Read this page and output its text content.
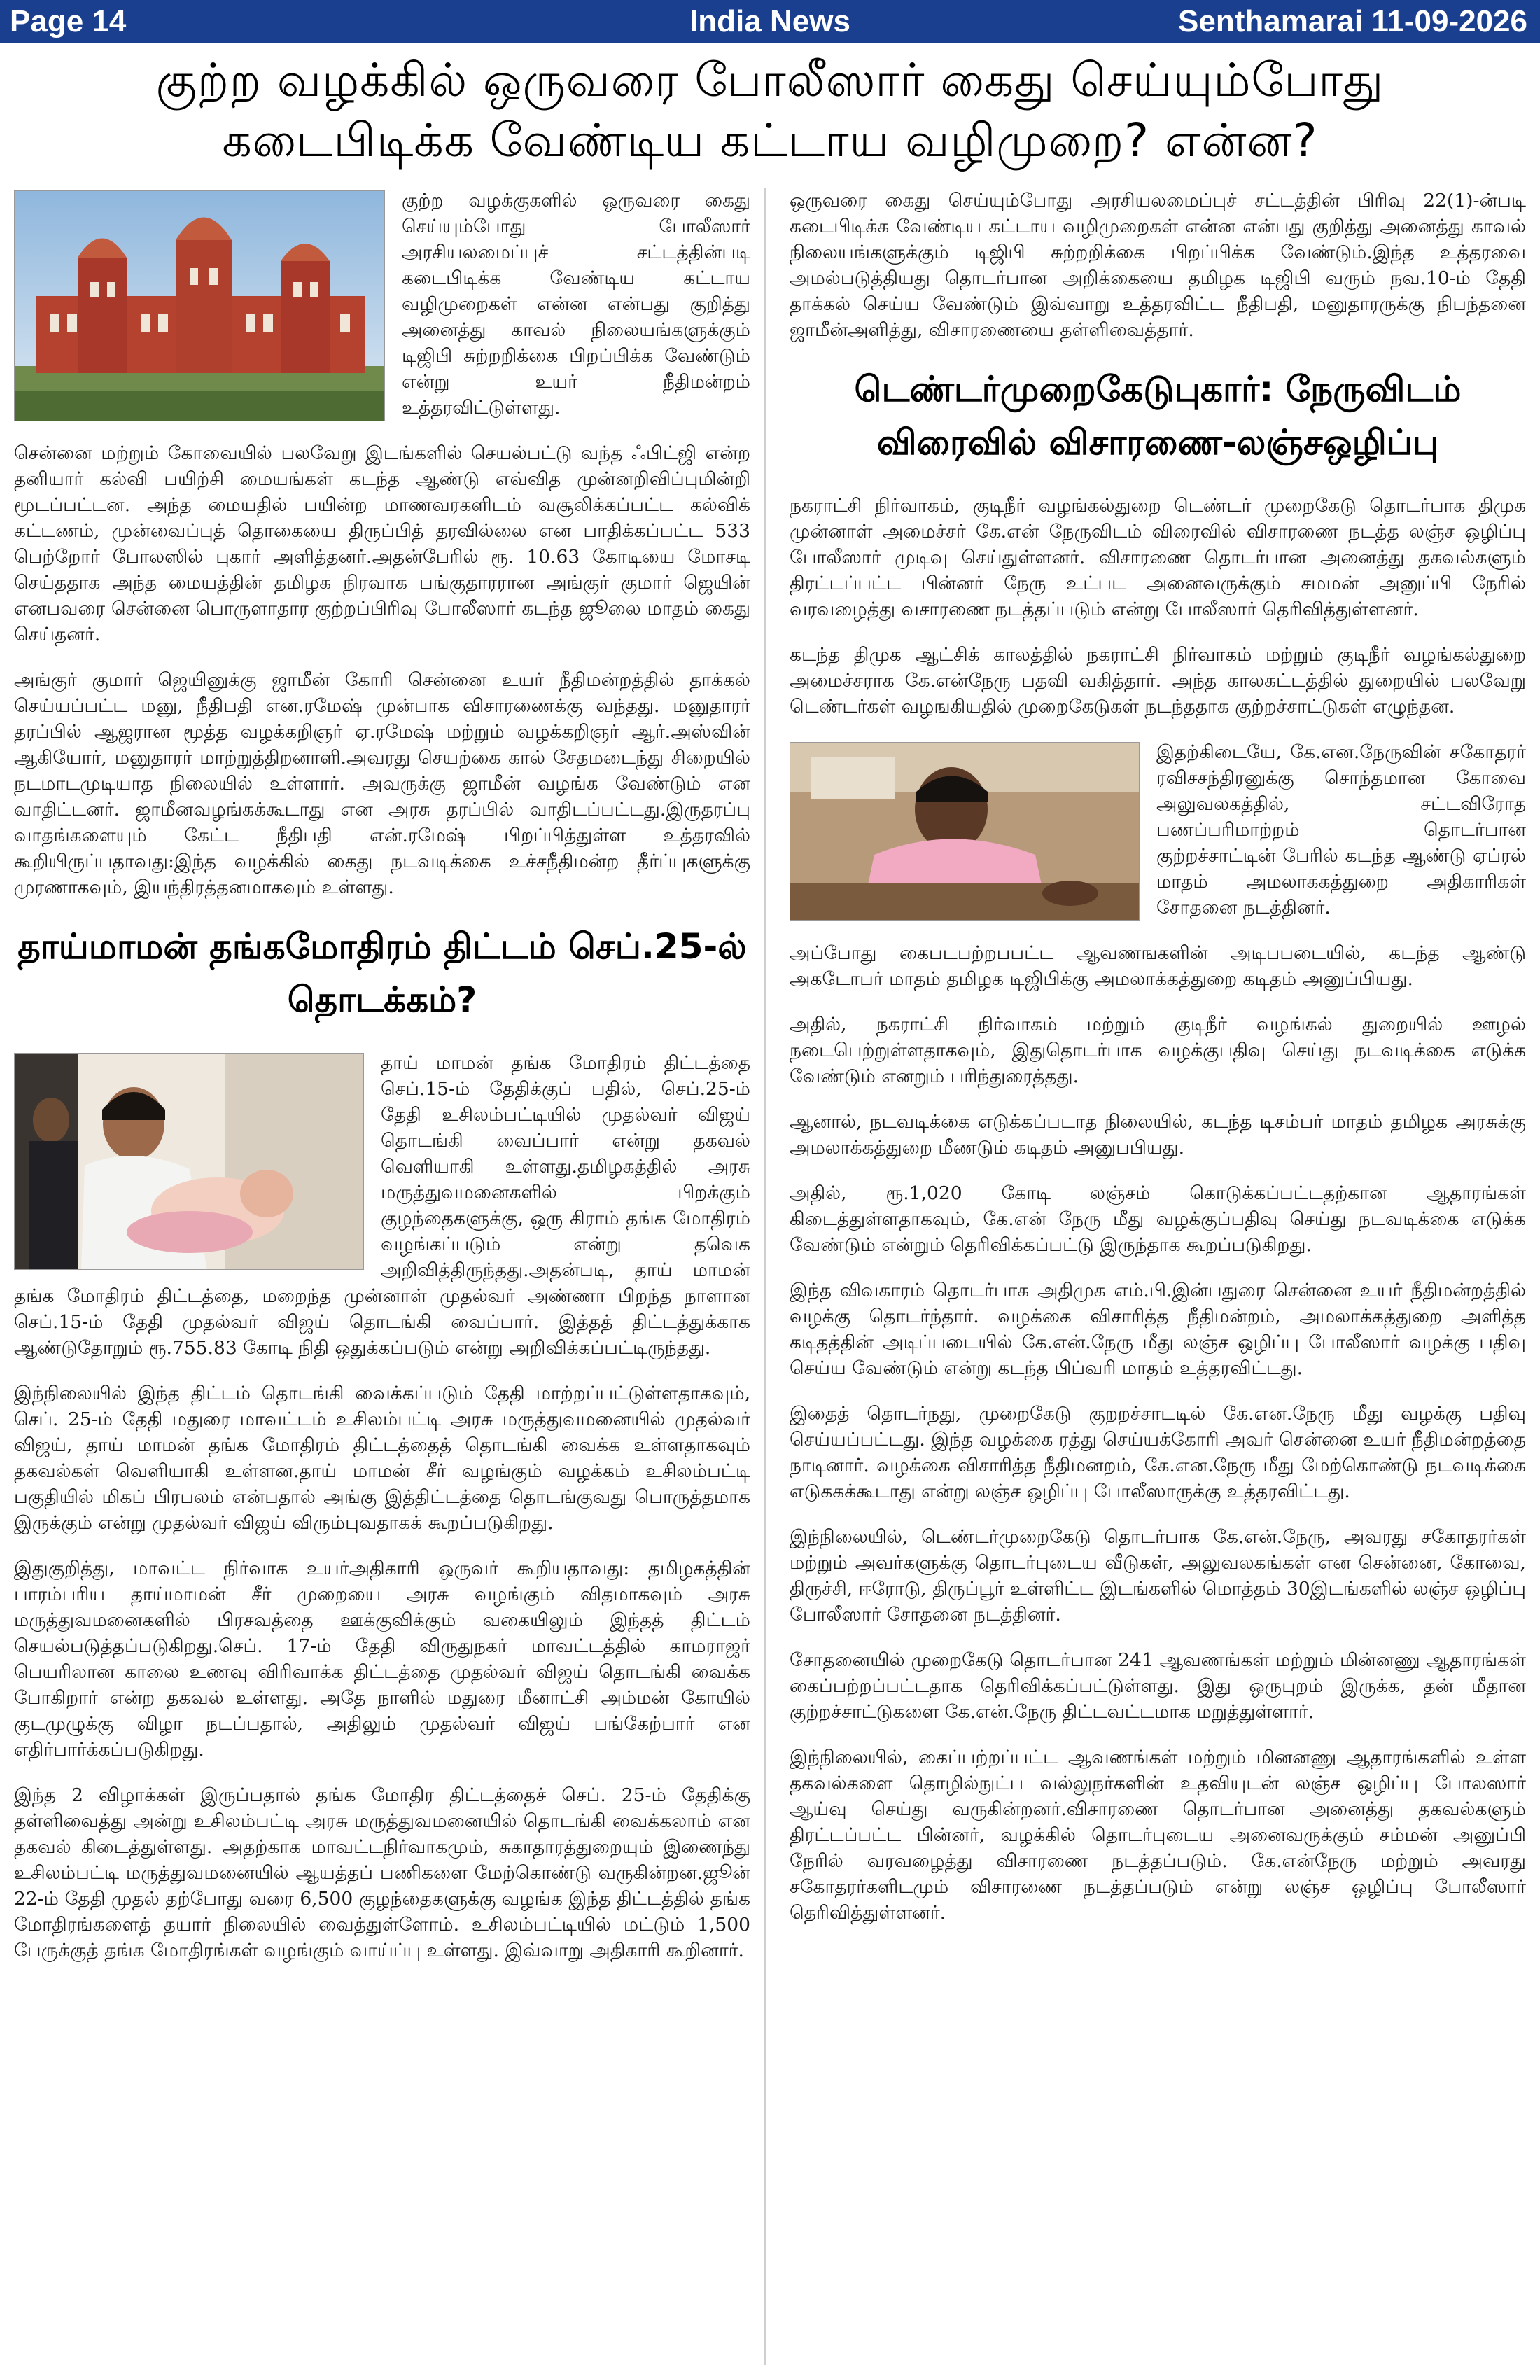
India News
Page 14	Senthamarai 11-09-2026
குற்ற வழக்கில் ஒருவரை போலீஸார் கைது செய்யும்போது
கடைபிடிக்க வேண்டிய கட்டாய வழிமுறை? என்ன?

குற்ற வழக்குகளில் ஒருவரை கைது செய்யும்போது போலீஸார் அரசியலமைப்புச் சட்டத்தின்படி கடைபிடிக்க வேண்டிய கட்டாய வழிமுறைகள் என்ன என்பது குறித்து அனைத்து காவல் நிலையங்களுக்கும் டிஜிபி சுற்றறிக்கை பிறப்பிக்க வேண்டும் என்று உயர் நீதிமன்றம் உத்தரவிட்டுள்ளது.

சென்னை மற்றும் கோவையில் பலவேறு இடங்களில் செயல்பட்டு வந்த ஃபிட்ஜி என்ற தனியார் கல்வி பயிற்சி மையங்கள் கடந்த ஆண்டு எவ்வித முன்னறிவிப்புமின்றி மூடப்பட்டன. அந்த மையதில் பயின்ற மாணவரகளிடம் வசூலிக்கப்பட்ட கல்விக் கட்டணம், முன்வைப்புத் தொகையை திருப்பித் தரவில்லை என பாதிக்கப்பட்ட 533 பெற்றோர் போலஸில் புகார் அளித்தனர்.அதன்பேரில் ரூ. 10.63 கோடியை மோசடி செய்ததாக அந்த மையத்தின் தமிழக நிரவாக பங்குதாரரான அங்குர் குமார் ஜெயின் எனபவரை சென்னை பொருளாதார குற்றப்பிரிவு போலீஸார் கடந்த ஜூலை மாதம் கைது செய்தனர்.

அங்குர் குமார் ஜெயினுக்கு ஜாமீன் கோரி சென்னை உயர் நீதிமன்றத்தில் தாக்கல் செய்யப்பட்ட மனு, நீதிபதி என.ரமேஷ் முன்பாக விசாரணைக்கு வந்தது. மனுதாரர் தரப்பில் ஆஜரான மூத்த வழக்கறிஞர் ஏ.ரமேஷ் மற்றும் வழக்கறிஞர் ஆர்.அஸ்வின் ஆகியோர், மனுதாரர் மாற்றுத்திறனாளி.அவரது செயற்கை கால் சேதமடைந்து சிறையில் நடமாடமுடியாத நிலையில் உள்ளார். அவருக்கு ஜாமீன் வழங்க வேண்டும் என வாதிட்டனர். ஜாமீனவழங்கக்கூடாது என அரசு தரப்பில் வாதிடப்பட்டது.இருதரப்பு வாதங்களையும் கேட்ட நீதிபதி என்.ரமேஷ் பிறப்பித்துள்ள உத்தரவில் கூறியிருப்பதாவது:இந்த வழக்கில் கைது நடவடிக்கை உச்சநீதிமன்ற தீர்ப்புகளுக்கு முரணாகவும், இயந்திரத்தனமாகவும் உள்ளது.

தாய்மாமன் தங்கமோதிரம் திட்டம் செப்.25-ல் தொடக்கம்?

தாய் மாமன் தங்க மோதிரம் திட்டத்தை செப்.15-ம் தேதிக்குப் பதில், செப்.25-ம் தேதி உசிலம்பட்டியில் முதல்வர் விஜய் தொடங்கி வைப்பார் என்று தகவல் வெளியாகி உள்ளது.தமிழகத்தில் அரசு மருத்துவமனைகளில் பிறக்கும் குழந்தைகளுக்கு, ஒரு கிராம் தங்க மோதிரம் வழங்கப்படும் என்று தவெக அறிவித்திருந்தது.அதன்படி, தாய் மாமன் தங்க மோதிரம் திட்டத்தை, மறைந்த முன்னாள் முதல்வர் அண்ணா பிறந்த நாளான செப்.15-ம் தேதி முதல்வர் விஜய் தொடங்கி வைப்பார். இத்தத் திட்டத்துக்காக ஆண்டுதோறும் ரூ.755.83 கோடி நிதி ஒதுக்கப்படும் என்று அறிவிக்கப்பட்டிருந்தது.

இந்நிலையில் இந்த திட்டம் தொடங்கி வைக்கப்படும் தேதி மாற்றப்பட்டுள்ளதாகவும், செப். 25-ம் தேதி மதுரை மாவட்டம் உசிலம்பட்டி அரசு மருத்துவமனையில் முதல்வர் விஜய், தாய் மாமன் தங்க மோதிரம் திட்டத்தைத் தொடங்கி வைக்க உள்ளதாகவும் தகவல்கள் வெளியாகி உள்ளன.தாய் மாமன் சீர் வழங்கும் வழக்கம் உசிலம்பட்டி பகுதியில் மிகப் பிரபலம் என்பதால் அங்கு இத்திட்டத்தை தொடங்குவது பொருத்தமாக இருக்கும் என்று முதல்வர் விஜய் விரும்புவதாகக் கூறப்படுகிறது.

இதுகுறித்து, மாவட்ட நிர்வாக உயர்அதிகாரி ஒருவர் கூறியதாவது: தமிழகத்தின் பாரம்பரிய தாய்மாமன் சீர் முறையை அரசு வழங்கும் விதமாகவும் அரசு மருத்துவமனைகளில் பிரசவத்தை ஊக்குவிக்கும் வகையிலும் இந்தத் திட்டம் செயல்படுத்தப்படுகிறது.செப். 17-ம் தேதி விருதுநகர் மாவட்டத்தில் காமராஜர் பெயரிலான காலை உணவு விரிவாக்க திட்டத்தை முதல்வர் விஜய் தொடங்கி வைக்க போகிறார் என்ற தகவல் உள்ளது. அதே நாளில் மதுரை மீனாட்சி அம்மன் கோயில் குடமுழுக்கு விழா நடப்பதால், அதிலும் முதல்வர் விஜய் பங்கேற்பார் என எதிர்பார்க்கப்படுகிறது.

இந்த 2 விழாக்கள் இருப்பதால் தங்க மோதிர திட்டத்தைச் செப். 25-ம் தேதிக்கு தள்ளிவைத்து அன்று உசிலம்பட்டி அரசு மருத்துவமனையில் தொடங்கி வைக்கலாம் என தகவல் கிடைத்துள்ளது. அதற்காக மாவட்டநிர்வாகமும், சுகாதாரத்துறையும் இணைந்து உசிலம்பட்டி மருத்துவமனையில் ஆயத்தப் பணிகளை மேற்கொண்டு வருகின்றன.ஜூன் 22-ம் தேதி முதல் தற்போது வரை 6,500 குழந்தைகளுக்கு வழங்க இந்த திட்டத்தில் தங்க மோதிரங்களைத் தயார் நிலையில் வைத்துள்ளோம். உசிலம்பட்டியில் மட்டும் 1,500 பேருக்குத் தங்க மோதிரங்கள் வழங்கும் வாய்ப்பு உள்ளது. இவ்வாறு அதிகாரி கூறினார்.

ஒருவரை கைது செய்யும்போது அரசியலமைப்புச் சட்டத்தின் பிரிவு 22(1)-ன்படி கடைபிடிக்க வேண்டிய கட்டாய வழிமுறைகள் என்ன என்பது குறித்து அனைத்து காவல் நிலையங்களுக்கும் டிஜிபி சுற்றறிக்கை பிறப்பிக்க வேண்டும்.இந்த உத்தரவை அமல்படுத்தியது தொடர்பான அறிக்கையை தமிழக டிஜிபி வரும் நவ.10-ம் தேதி தாக்கல் செய்ய வேண்டும் இவ்வாறு உத்தரவிட்ட நீதிபதி, மனுதாரருக்கு நிபந்தனை ஜாமீன்அளித்து, விசாரணையை தள்ளிவைத்தார்.

டெண்டர்முறைகேடுபுகார்: நேருவிடம் விரைவில் விசாரணை-லஞ்சஒழிப்பு

நகராட்சி நிர்வாகம், குடிநீர் வழங்கல்துறை டெண்டர் முறைகேடு தொடர்பாக திமுக முன்னாள் அமைச்சர் கே.என் நேருவிடம் விரைவில் விசாரணை நடத்த லஞ்ச ஒழிப்பு போலீஸார் முடிவு செய்துள்ளனர். விசாரணை தொடர்பான அனைத்து தகவல்களும் திரட்டப்பட்ட பின்னர் நேரு உட்பட அனைவருக்கும் சமமன் அனுப்பி நேரில் வரவழைத்து வசாரணை நடத்தப்படும் என்று போலீஸார் தெரிவித்துள்ளனர்.

கடந்த திமுக ஆட்சிக் காலத்தில் நகராட்சி நிர்வாகம் மற்றும் குடிநீர் வழங்கல்துறை அமைச்சராக கே.என்நேரு பதவி வகித்தார். அந்த காலகட்டத்தில் துறையில் பலவேறு டெண்டர்கள் வழஙகியதில் முறைகேடுகள் நடந்ததாக குற்றச்சாட்டுகள் எழுந்தன.

இதற்கிடையே, கே.என.நேருவின் சகோதரர் ரவிசசந்திரனுக்கு சொந்தமான கோவை அலுவலகத்தில், சட்டவிரோத பணப்பரிமாற்றம் தொடர்பான குற்றச்சாட்டின் பேரில் கடந்த ஆண்டு ஏப்ரல் மாதம் அமலாககத்துறை அதிகாரிகள் சோதனை நடத்தினர்.

அப்போது கைபடபற்றபபட்ட ஆவணஙகளின் அடிபபடையில், கடந்த ஆண்டு அகடோபர் மாதம் தமிழக டிஜிபிக்கு அமலாக்கத்துறை கடிதம் அனுப்பியது.

அதில், நகராட்சி நிர்வாகம் மற்றும் குடிநீர் வழங்கல் துறையில் ஊழல் நடைபெற்றுள்ளதாகவும், இதுதொடர்பாக வழக்குபதிவு செய்து நடவடிக்கை எடுக்க வேண்டும் எனறும் பரிந்துரைத்தது.

ஆனால், நடவடிக்கை எடுக்கப்படாத நிலையில், கடந்த டிசம்பர் மாதம் தமிழக அரசுக்கு அமலாக்கத்துறை மீணடும் கடிதம் அனுபபியது.

அதில், ரூ.1,020 கோடி லஞ்சம் கொடுக்கப்பட்டதற்கான ஆதாரங்கள் கிடைத்துள்ளதாகவும், கே.என் நேரு மீது வழக்குப்பதிவு செய்து நடவடிக்கை எடுக்க வேண்டும் என்றும் தெரிவிக்கப்பட்டு இருந்தாக கூறப்படுகிறது.

இந்த விவகாரம் தொடர்பாக அதிமுக எம்.பி.இன்பதுரை சென்னை உயர் நீதிமன்றத்தில் வழக்கு தொடர்ந்தார். வழக்கை விசாரித்த நீதிமன்றம், அமலாக்கத்துறை அளித்த கடிதத்தின் அடிப்படையில் கே.என்.நேரு மீது லஞ்ச ஒழிப்பு போலீஸார் வழக்கு பதிவு செய்ய வேண்டும் என்று கடந்த பிப்வரி மாதம் உத்தரவிட்டது.

இதைத் தொடர்நது, முறைகேடு குறறச்சாடடில் கே.என.நேரு மீது வழக்கு பதிவு செய்யப்பட்டது. இந்த வழக்கை ரத்து செய்யக்கோரி அவர் சென்னை உயர் நீதிமன்றத்தை நாடினார். வழக்கை விசாரித்த நீதிமனறம், கே.என.நேரு மீது மேற்கொண்டு நடவடிக்கை எடுககக்கூடாது என்று லஞ்ச ஒழிப்பு போலீஸாருக்கு உத்தரவிட்டது.

இந்நிலையில், டெண்டர்முறைகேடு தொடர்பாக கே.என்.நேரு, அவரது சகோதரர்கள் மற்றும் அவர்களுக்கு தொடர்புடைய வீடுகள், அலுவலகங்கள் என சென்னை, கோவை, திருச்சி, ஈரோடு, திருப்பூர் உள்ளிட்ட இடங்களில் மொத்தம் 30இடங்களில் லஞ்ச ஒழிப்பு போலீஸார் சோதனை நடத்தினர்.

சோதனையில் முறைகேடு தொடர்பான 241 ஆவணங்கள் மற்றும் மின்னணு ஆதாரங்கள் கைப்பற்றப்பட்டதாக தெரிவிக்கப்பட்டுள்ளது. இது ஒருபுறம் இருக்க, தன் மீதான குற்றச்சாட்டுகளை கே.என்.நேரு திட்டவட்டமாக மறுத்துள்ளார்.

இந்நிலையில், கைப்பற்றப்பட்ட ஆவணங்கள் மற்றும் மினனணு ஆதாரங்களில் உள்ள தகவல்களை தொழில்நுட்ப வல்லுநர்களின் உதவியுடன் லஞ்ச ஒழிப்பு போலஸார் ஆய்வு செய்து வருகின்றனர்.விசாரணை தொடர்பான அனைத்து தகவல்களும் திரட்டப்பட்ட பின்னர், வழக்கில் தொடர்புடைய அனைவருக்கும் சம்மன் அனுப்பி நேரில் வரவழைத்து விசாரணை நடத்தப்படும். கே.என்நேரு மற்றும் அவரது சகோதரர்களிடமும் விசாரணை நடத்தப்படும் என்று லஞ்ச ஒழிப்பு போலீஸார் தெரிவித்துள்ளனர்.
